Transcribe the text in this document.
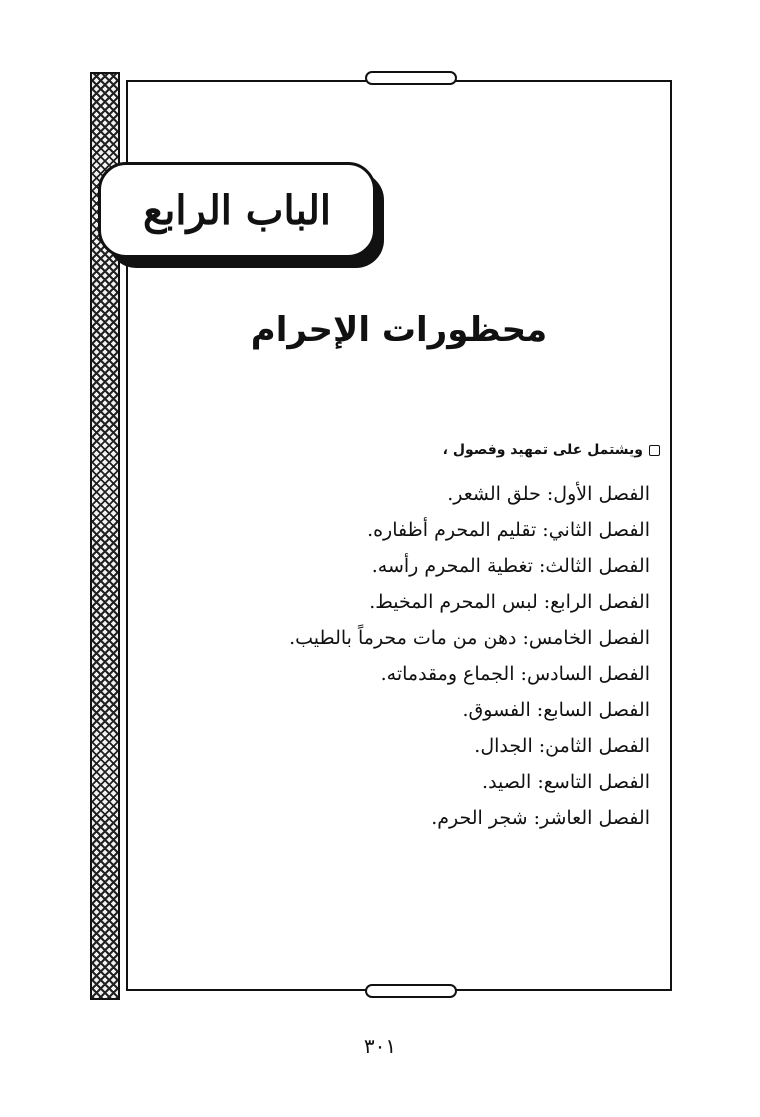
الباب الرابع
محظورات الإحرام
ويشتمل على تمهيد وفصول ،
الفصل الأول: حلق الشعر.
الفصل الثاني: تقليم المحرم أظفاره.
الفصل الثالث: تغطية المحرم رأسه.
الفصل الرابع: لبس المحرم المخيط.
الفصل الخامس: دهن من مات محرماً بالطيب.
الفصل السادس: الجماع ومقدماته.
الفصل السابع: الفسوق.
الفصل الثامن: الجدال.
الفصل التاسع: الصيد.
الفصل العاشر: شجر الحرم.
٣٠١
